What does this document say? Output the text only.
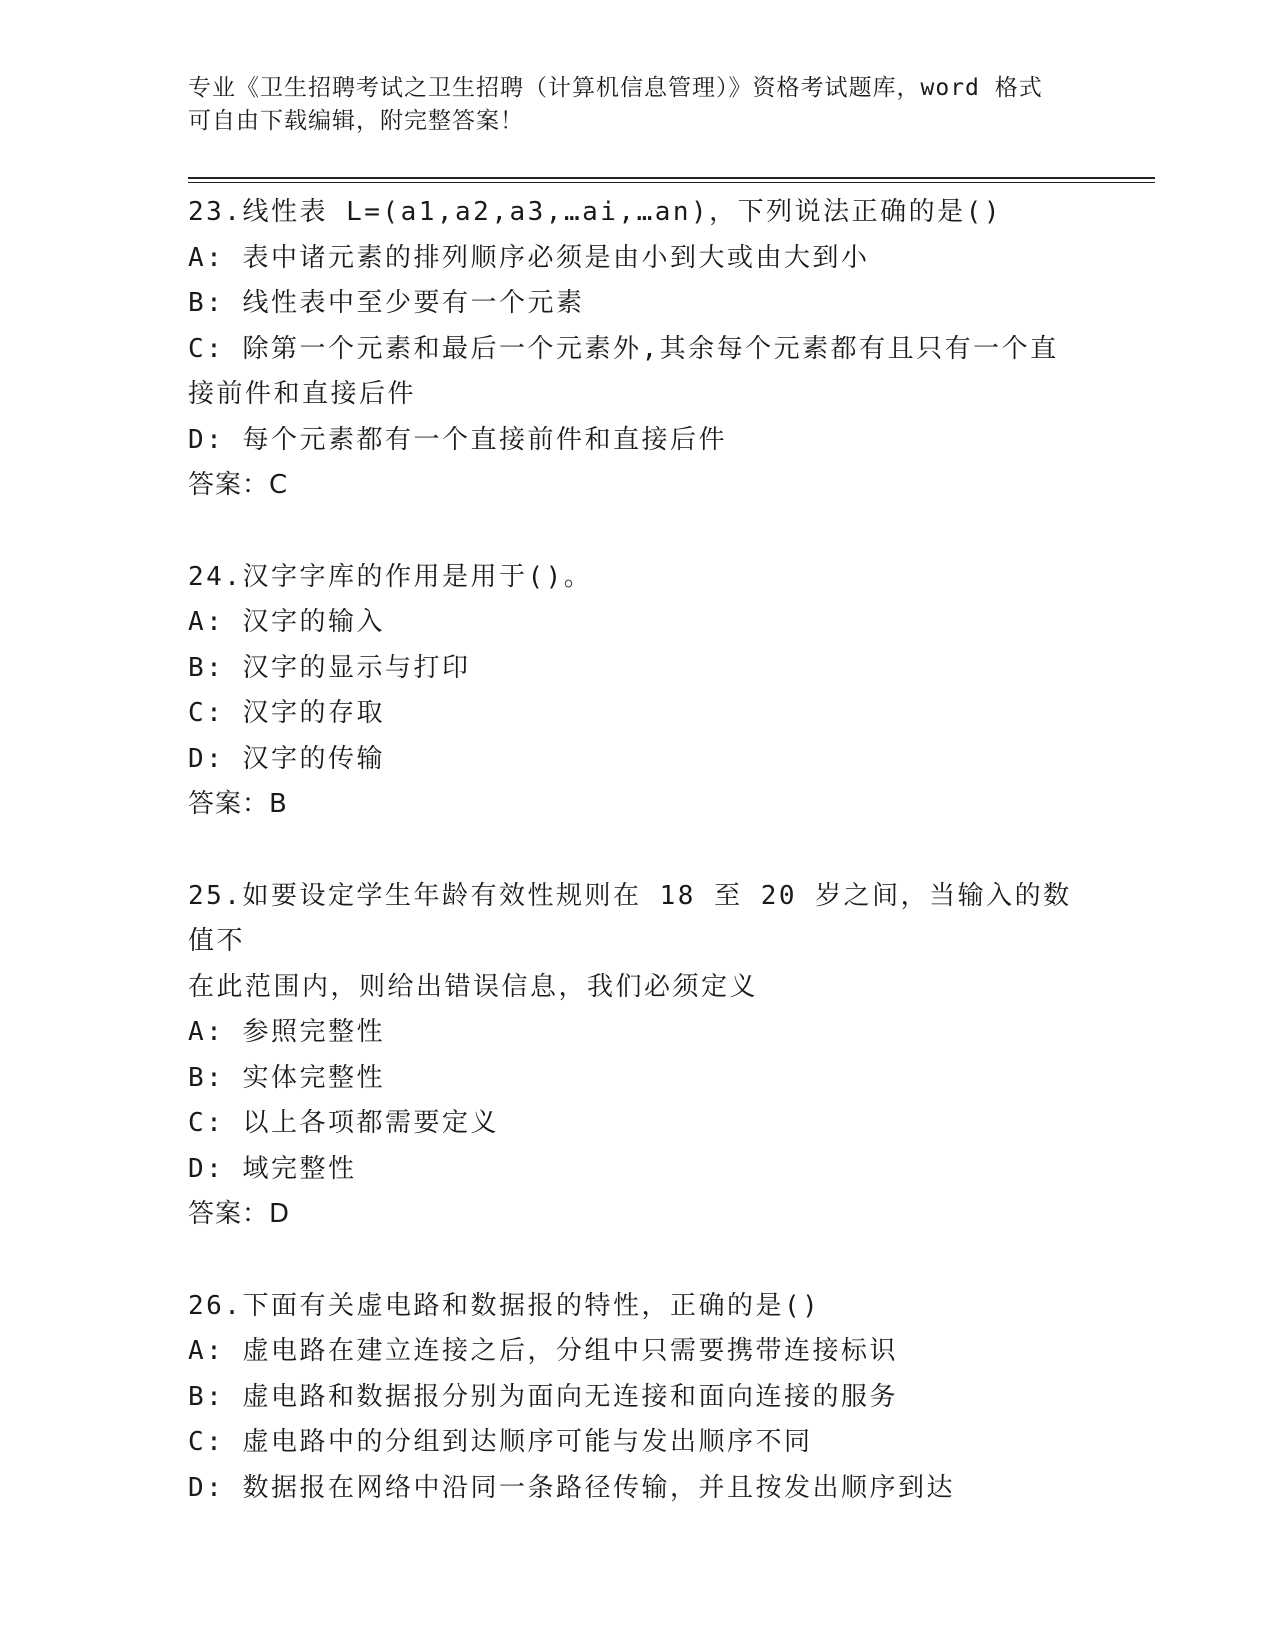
专业《卫生招聘考试之卫生招聘（计算机信息管理）》资格考试题库，word 格式
可自由下载编辑，附完整答案！
23.线性表 L=(a1,a2,a3,…ai,…an)，下列说法正确的是()
A: 表中诸元素的排列顺序必须是由小到大或由大到小
B: 线性表中至少要有一个元素
C: 除第一个元素和最后一个元素外,其余每个元素都有且只有一个直
接前件和直接后件
D: 每个元素都有一个直接前件和直接后件
答案：C
24.汉字字库的作用是用于()。
A: 汉字的输入
B: 汉字的显示与打印
C: 汉字的存取
D: 汉字的传输
答案：B
25.如要设定学生年龄有效性规则在 18 至 20 岁之间，当输入的数值不
在此范围内，则给出错误信息，我们必须定义
A: 参照完整性
B: 实体完整性
C: 以上各项都需要定义
D: 域完整性
答案：D
26.下面有关虚电路和数据报的特性，正确的是()
A: 虚电路在建立连接之后，分组中只需要携带连接标识
B: 虚电路和数据报分别为面向无连接和面向连接的服务
C: 虚电路中的分组到达顺序可能与发出顺序不同
D: 数据报在网络中沿同一条路径传输，并且按发出顺序到达
